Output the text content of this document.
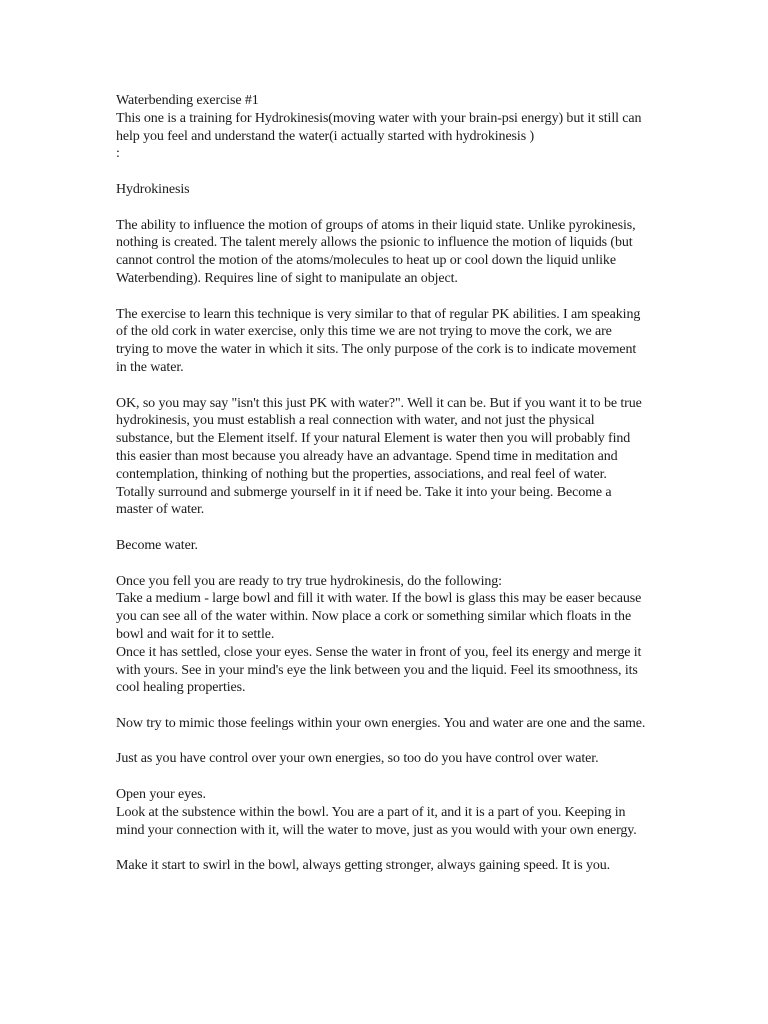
Waterbending exercise #1
This one is a training for Hydrokinesis(moving water with your brain-psi energy) but it still can help you feel and understand the water(i actually started with hydrokinesis )
:

Hydrokinesis

The ability to influence the motion of groups of atoms in their liquid state. Unlike pyrokinesis, nothing is created. The talent merely allows the psionic to influence the motion of liquids (but cannot control the motion of the atoms/molecules to heat up or cool down the liquid unlike Waterbending). Requires line of sight to manipulate an object.

The exercise to learn this technique is very similar to that of regular PK abilities. I am speaking of the old cork in water exercise, only this time we are not trying to move the cork, we are trying to move the water in which it sits. The only purpose of the cork is to indicate movement in the water.

OK, so you may say "isn't this just PK with water?". Well it can be. But if you want it to be true hydrokinesis, you must establish a real connection with water, and not just the physical substance, but the Element itself. If your natural Element is water then you will probably find this easier than most because you already have an advantage. Spend time in meditation and contemplation, thinking of nothing but the properties, associations, and real feel of water. Totally surround and submerge yourself in it if need be. Take it into your being. Become a master of water.

Become water.

Once you fell you are ready to try true hydrokinesis, do the following:
Take a medium - large bowl and fill it with water. If the bowl is glass this may be easer because you can see all of the water within. Now place a cork or something similar which floats in the bowl and wait for it to settle.
Once it has settled, close your eyes. Sense the water in front of you, feel its energy and merge it with yours. See in your mind's eye the link between you and the liquid. Feel its smoothness, its cool healing properties.

Now try to mimic those feelings within your own energies. You and water are one and the same.

Just as you have control over your own energies, so too do you have control over water.

Open your eyes.
Look at the substence within the bowl. You are a part of it, and it is a part of you. Keeping in mind your connection with it, will the water to move, just as you would with your own energy.

Make it start to swirl in the bowl, always getting stronger, always gaining speed. It is you.
